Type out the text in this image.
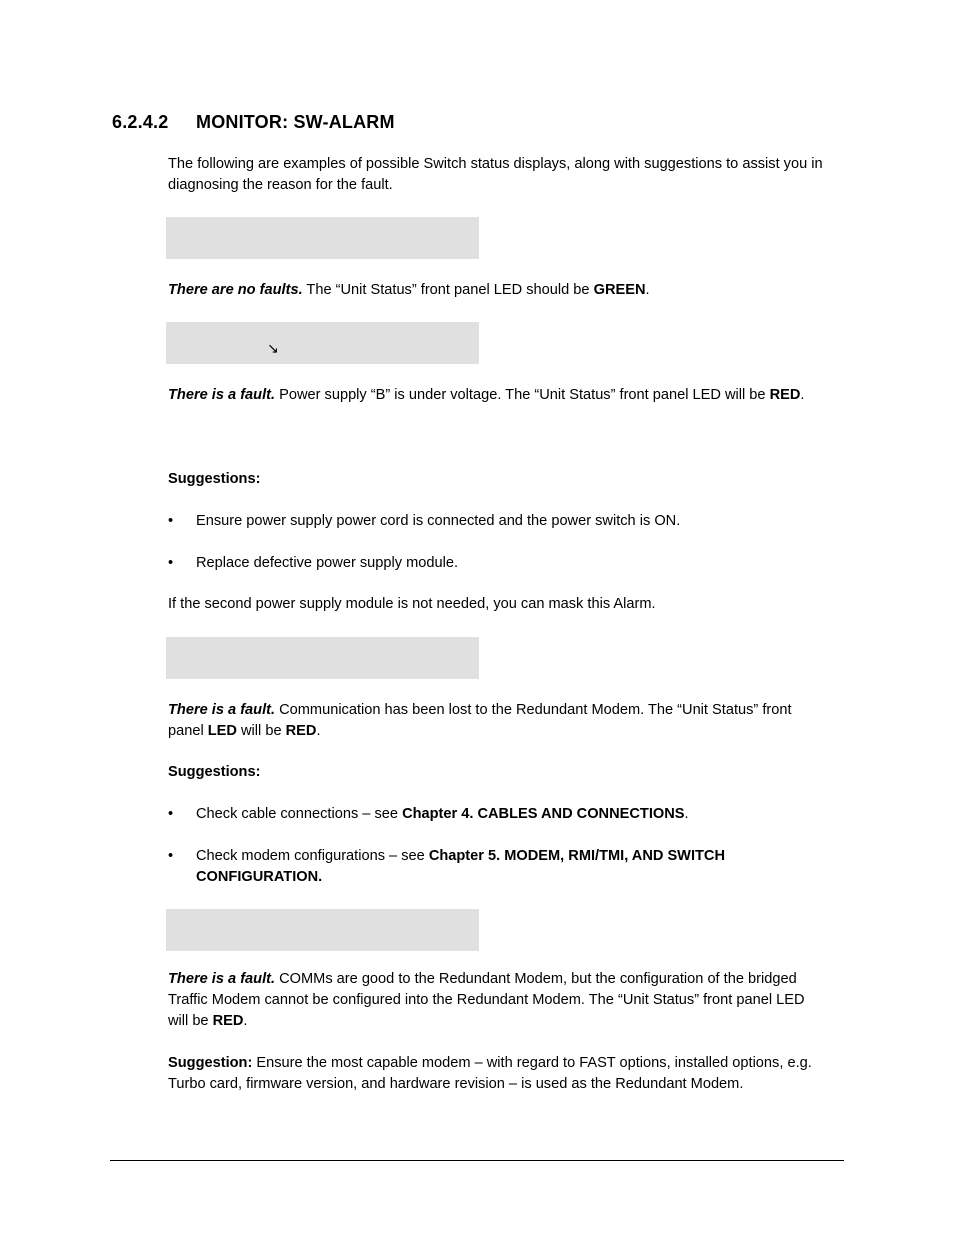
6.2.4.2 MONITOR: SW-ALARM
The following are examples of possible Switch status displays, along with suggestions to assist you in diagnosing the reason for the fault.
There are no faults. The “Unit Status” front panel LED should be GREEN.
↘
There is a fault. Power supply “B” is under voltage. The “Unit Status” front panel LED will be RED.
Suggestions:
• Ensure power supply power cord is connected and the power switch is ON.
• Replace defective power supply module.
If the second power supply module is not needed, you can mask this Alarm.
There is a fault. Communication has been lost to the Redundant Modem. The “Unit Status” front panel LED will be RED.
Suggestions:
• Check cable connections – see Chapter 4. CABLES AND CONNECTIONS.
• Check modem configurations – see Chapter 5. MODEM, RMI/TMI, AND SWITCH CONFIGURATION.
There is a fault. COMMs are good to the Redundant Modem, but the configuration of the bridged Traffic Modem cannot be configured into the Redundant Modem. The “Unit Status” front panel LED will be RED.
Suggestion: Ensure the most capable modem – with regard to FAST options, installed options, e.g. Turbo card, firmware version, and hardware revision – is used as the Redundant Modem.
